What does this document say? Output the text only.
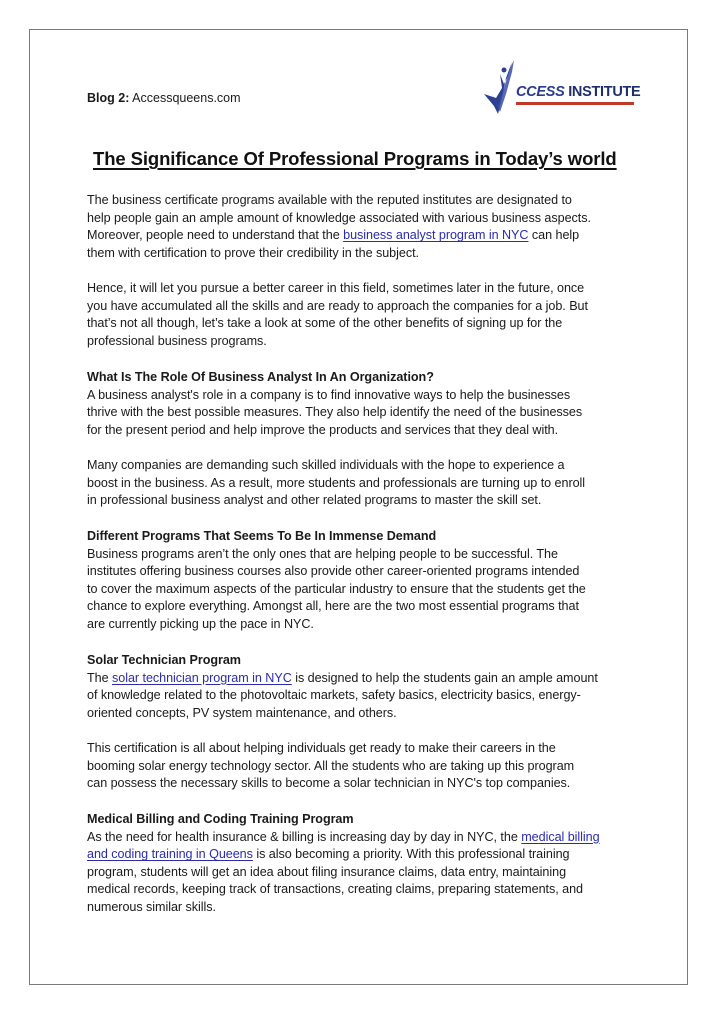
Blog 2: Accessqueens.com	CCESS INSTITUTE
The Significance Of Professional Programs in Today’s world
The business certificate programs available with the reputed institutes are designated to
help people gain an ample amount of knowledge associated with various business aspects.
Moreover, people need to understand that the business analyst program in NYC can help
them with certification to prove their credibility in the subject.
Hence, it will let you pursue a better career in this field, sometimes later in the future, once
you have accumulated all the skills and are ready to approach the companies for a job. But
that’s not all though, let’s take a look at some of the other benefits of signing up for the
professional business programs.
What Is The Role Of Business Analyst In An Organization?
A business analyst's role in a company is to find innovative ways to help the businesses
thrive with the best possible measures. They also help identify the need of the businesses
for the present period and help improve the products and services that they deal with.
Many companies are demanding such skilled individuals with the hope to experience a
boost in the business. As a result, more students and professionals are turning up to enroll
in professional business analyst and other related programs to master the skill set.
Different Programs That Seems To Be In Immense Demand
Business programs aren’t the only ones that are helping people to be successful. The
institutes offering business courses also provide other career-oriented programs intended
to cover the maximum aspects of the particular industry to ensure that the students get the
chance to explore everything. Amongst all, here are the two most essential programs that
are currently picking up the pace in NYC.
Solar Technician Program
The solar technician program in NYC is designed to help the students gain an ample amount
of knowledge related to the photovoltaic markets, safety basics, electricity basics, energy-
oriented concepts, PV system maintenance, and others.
This certification is all about helping individuals get ready to make their careers in the
booming solar energy technology sector. All the students who are taking up this program
can possess the necessary skills to become a solar technician in NYC's top companies.
Medical Billing and Coding Training Program
As the need for health insurance & billing is increasing day by day in NYC, the medical billing
and coding training in Queens is also becoming a priority. With this professional training
program, students will get an idea about filing insurance claims, data entry, maintaining
medical records, keeping track of transactions, creating claims, preparing statements, and
numerous similar skills.
